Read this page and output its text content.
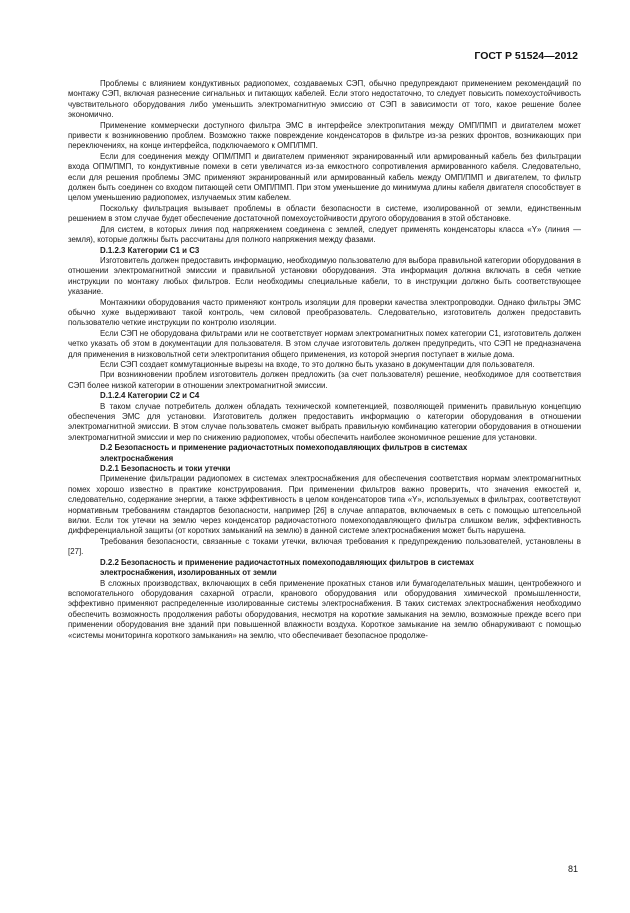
ГОСТ Р 51524—2012

Проблемы с влиянием кондуктивных радиопомех, создаваемых СЭП, обычно предупреждают применением рекомендаций по монтажу СЭП, включая разнесение сигнальных и питающих кабелей. Если этого недостаточно, то следует повысить помехоустойчивость чувствительного оборудования либо уменьшить электромагнитную эмиссию от СЭП в зависимости от того, какое решение более экономично.

Применение коммерчески доступного фильтра ЭМС в интерфейсе электропитания между ОМП/ПМП и двигателем может привести к возникновению проблем. Возможно также повреждение конденсаторов в фильтре из-за резких фронтов, возникающих при переключениях, на конце интерфейса, подключаемого к ОМП/ПМП.

Если для соединения между ОПМ/ПМП и двигателем применяют экранированный или армированный кабель без фильтрации входа ОПМ/ПМП, то кондуктивные помехи в сети увеличатся из-за емкостного сопротивления армированного кабеля. Следовательно, если для решения проблемы ЭМС применяют экранированный или армированный кабель между ОМП/ПМП и двигателем, то фильтр должен быть соединен со входом питающей сети ОМП/ПМП. При этом уменьшение до минимума длины кабеля двигателя способствует в целом уменьшению радиопомех, излучаемых этим кабелем.

Поскольку фильтрация вызывает проблемы в области безопасности в системе, изолированной от земли, единственным решением в этом случае будет обеспечение достаточной помехоустойчивости другого оборудования в этой обстановке.

Для систем, в которых линия под напряжением соединена с землей, следует применять конденсаторы класса «Y» (линия — земля), которые должны быть рассчитаны для полного напряжения между фазами.

D.1.2.3 Категории С1 и С3

Изготовитель должен предоставить информацию, необходимую пользователю для выбора правильной категории оборудования в отношении электромагнитной эмиссии и правильной установки оборудования. Эта информация должна включать в себя четкие инструкции по монтажу любых фильтров. Если необходимы специальные кабели, то в инструкции должно быть соответствующее указание.

Монтажники оборудования часто применяют контроль изоляции для проверки качества электропроводки. Однако фильтры ЭМС обычно хуже выдерживают такой контроль, чем силовой преобразователь. Следовательно, изготовитель должен предоставить пользователю четкие инструкции по контролю изоляции.

Если СЭП не оборудована фильтрами или не соответствует нормам электромагнитных помех категории С1, изготовитель должен четко указать об этом в документации для пользователя. В этом случае изготовитель должен предупредить, что СЭП не предназначена для применения в низковольтной сети электропитания общего применения, из которой энергия поступает в жилые дома.

Если СЭП создает коммутационные вырезы на входе, то это должно быть указано в документации для пользователя.

При возникновении проблем изготовитель должен предложить (за счет пользователя) решение, необходимое для соответствия СЭП более низкой категории в отношении электромагнитной эмиссии.

D.1.2.4 Категории С2 и С4

В таком случае потребитель должен обладать технической компетенцией, позволяющей применить правильную концепцию обеспечения ЭМС для установки. Изготовитель должен предоставить информацию о категории оборудования в отношении электромагнитной эмиссии. В этом случае пользователь сможет выбрать правильную комбинацию категории оборудования в отношении электромагнитной эмиссии и мер по снижению радиопомех, чтобы обеспечить наиболее экономичное решение для установки.

D.2 Безопасность и применение радиочастотных помехоподавляющих фильтров в системах

электроснабжения

D.2.1 Безопасность и токи утечки

Применение фильтрации радиопомех в системах электроснабжения для обеспечения соответствия нормам электромагнитных помех хорошо известно в практике конструирования. При применении фильтров важно проверить, что значения емкостей и, следовательно, содержание энергии, а также эффективность в целом конденсаторов типа «Y», используемых в фильтрах, соответствуют нормативным требованиям стандартов безопасности, например [26] в случае аппаратов, включаемых в сеть с помощью штепсельной вилки. Если ток утечки на землю через конденсатор радиочастотного помехоподавляющего фильтра слишком велик, эффективность дифференциальной защиты (от коротких замыканий на землю) в данной системе электроснабжения может быть нарушена.

Требования безопасности, связанные с токами утечки, включая требования к предупреждению пользователей, установлены в [27].

D.2.2 Безопасность и применение радиочастотных помехоподавляющих фильтров в системах

электроснабжения, изолированных от земли

В сложных производствах, включающих в себя применение прокатных станов или бумагоделательных машин, центробежного и вспомогательного оборудования сахарной отрасли, кранового оборудования или оборудования химической промышленности, эффективно применяют распределенные изолированные системы электроснабжения. В таких системах электроснабжения необходимо обеспечить возможность продолжения работы оборудования, несмотря на короткие замыкания на землю, возможные прежде всего при применении оборудования вне зданий при повышенной влажности воздуха. Короткое замыкание на землю обнаруживают с помощью «системы мониторинга короткого замыкания» на землю, что обеспечивает безопасное продолже-

81
